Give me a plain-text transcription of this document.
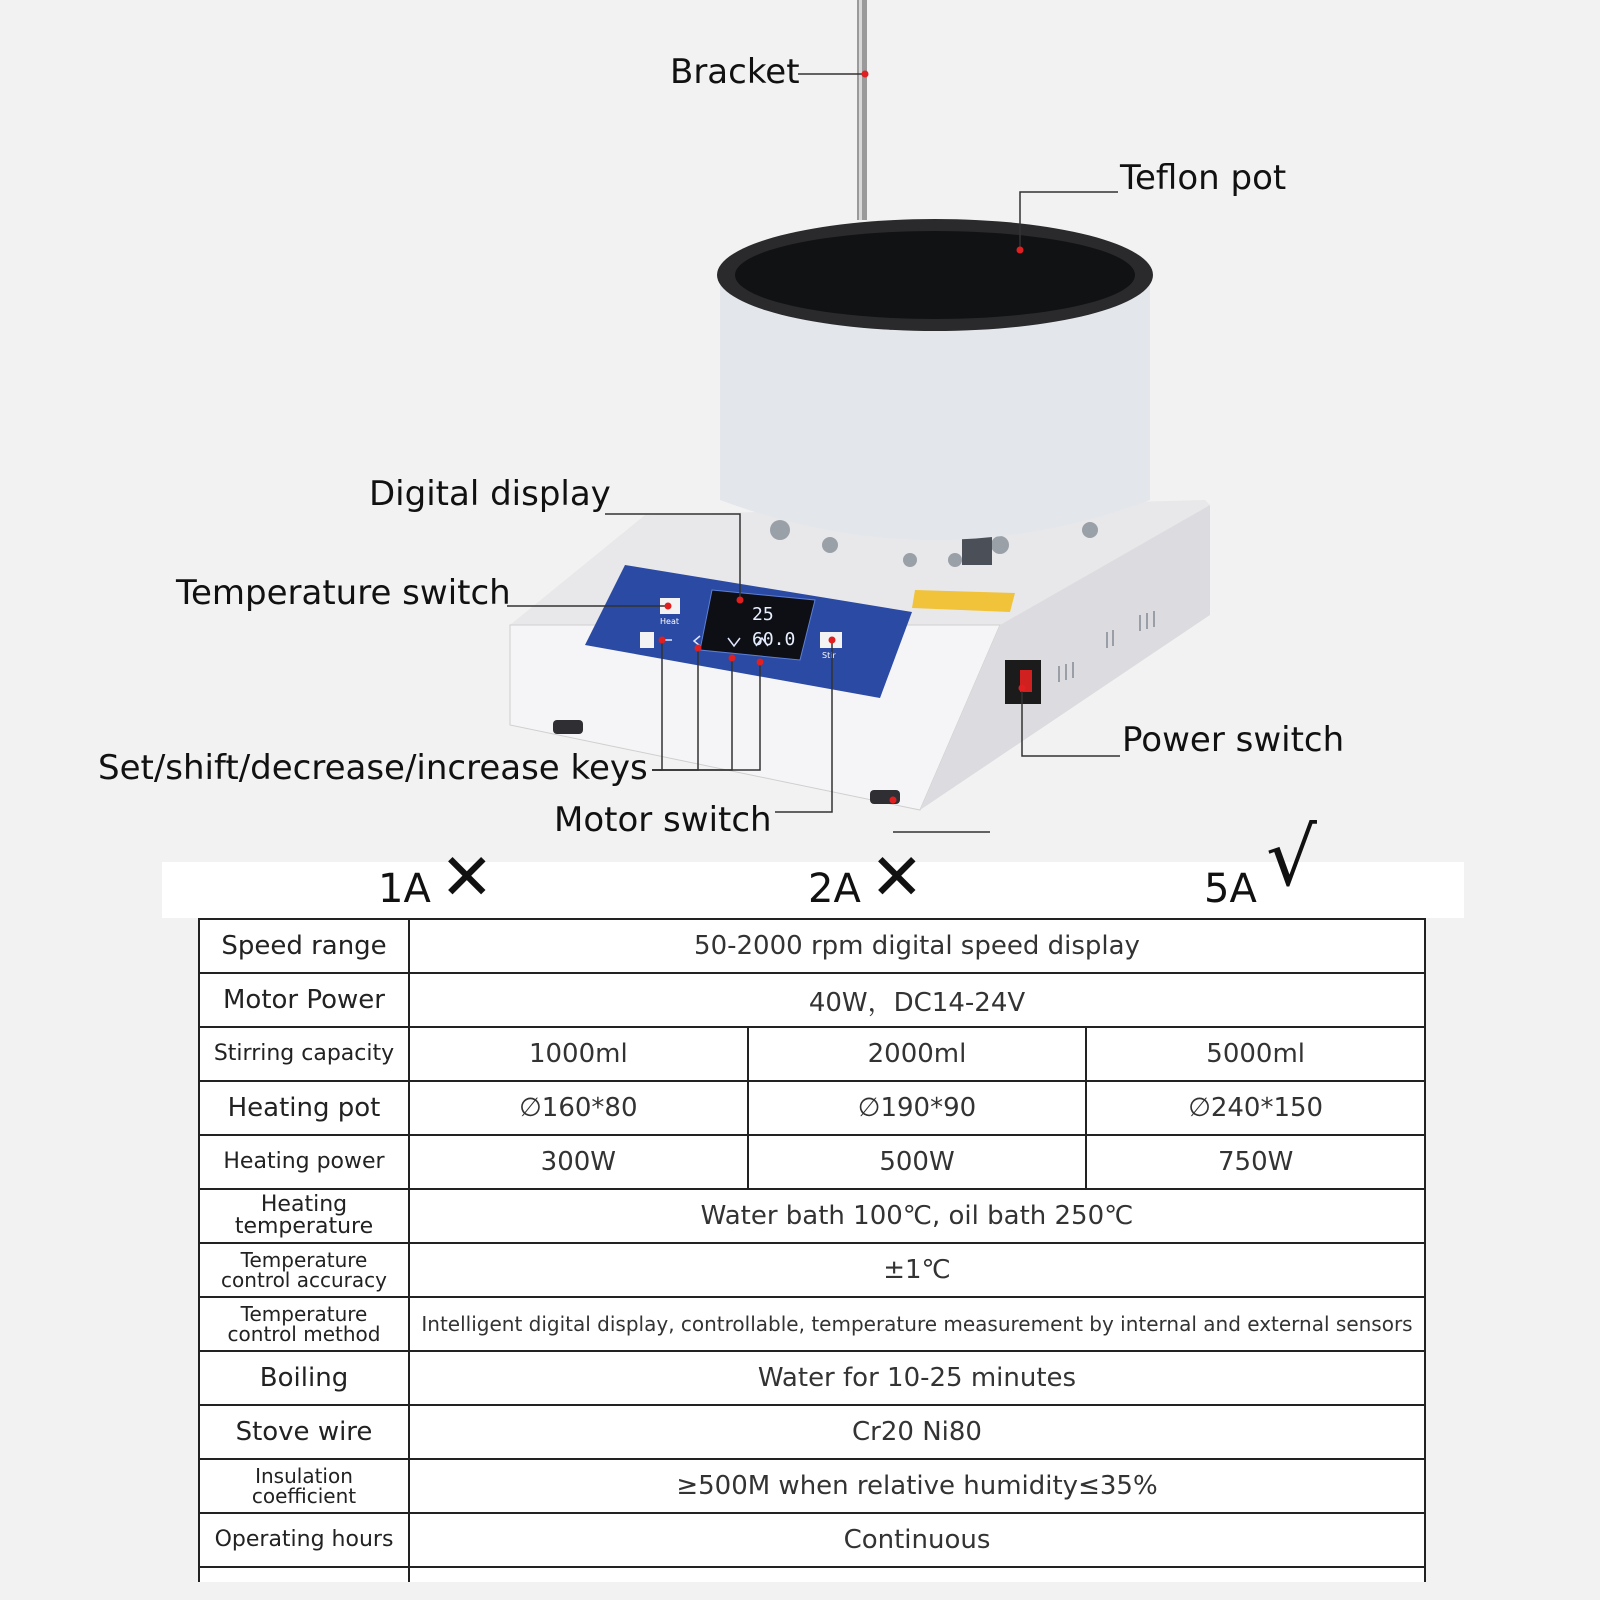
25
60.0
Heat
Stir
Bracket
Teflon pot
Digital display
Temperature switch
Set/shift/decrease/increase keys
Motor switch
Power switch
1A ✕	2A ✕	5A √
Speed range	50-2000 rpm digital speed display		
Motor Power	40W，DC14-24V		
Stirring capacity	1000ml	2000ml	5000ml
Heating pot	∅160*80	∅190*90	∅240*150
Heating power	300W	500W	750W
Heating temperature	Water bath 100℃, oil bath 250℃		
Temperature control accuracy	±1℃		
Temperature control method	Intelligent digital display, controllable, temperature measurement by internal and external sensors		
Boiling	Water for 10-25 minutes		
Stove wire	Cr20 Ni80		
Insulation coefficient	≥500M when relative humidity≤35%		
Operating hours	Continuous		
